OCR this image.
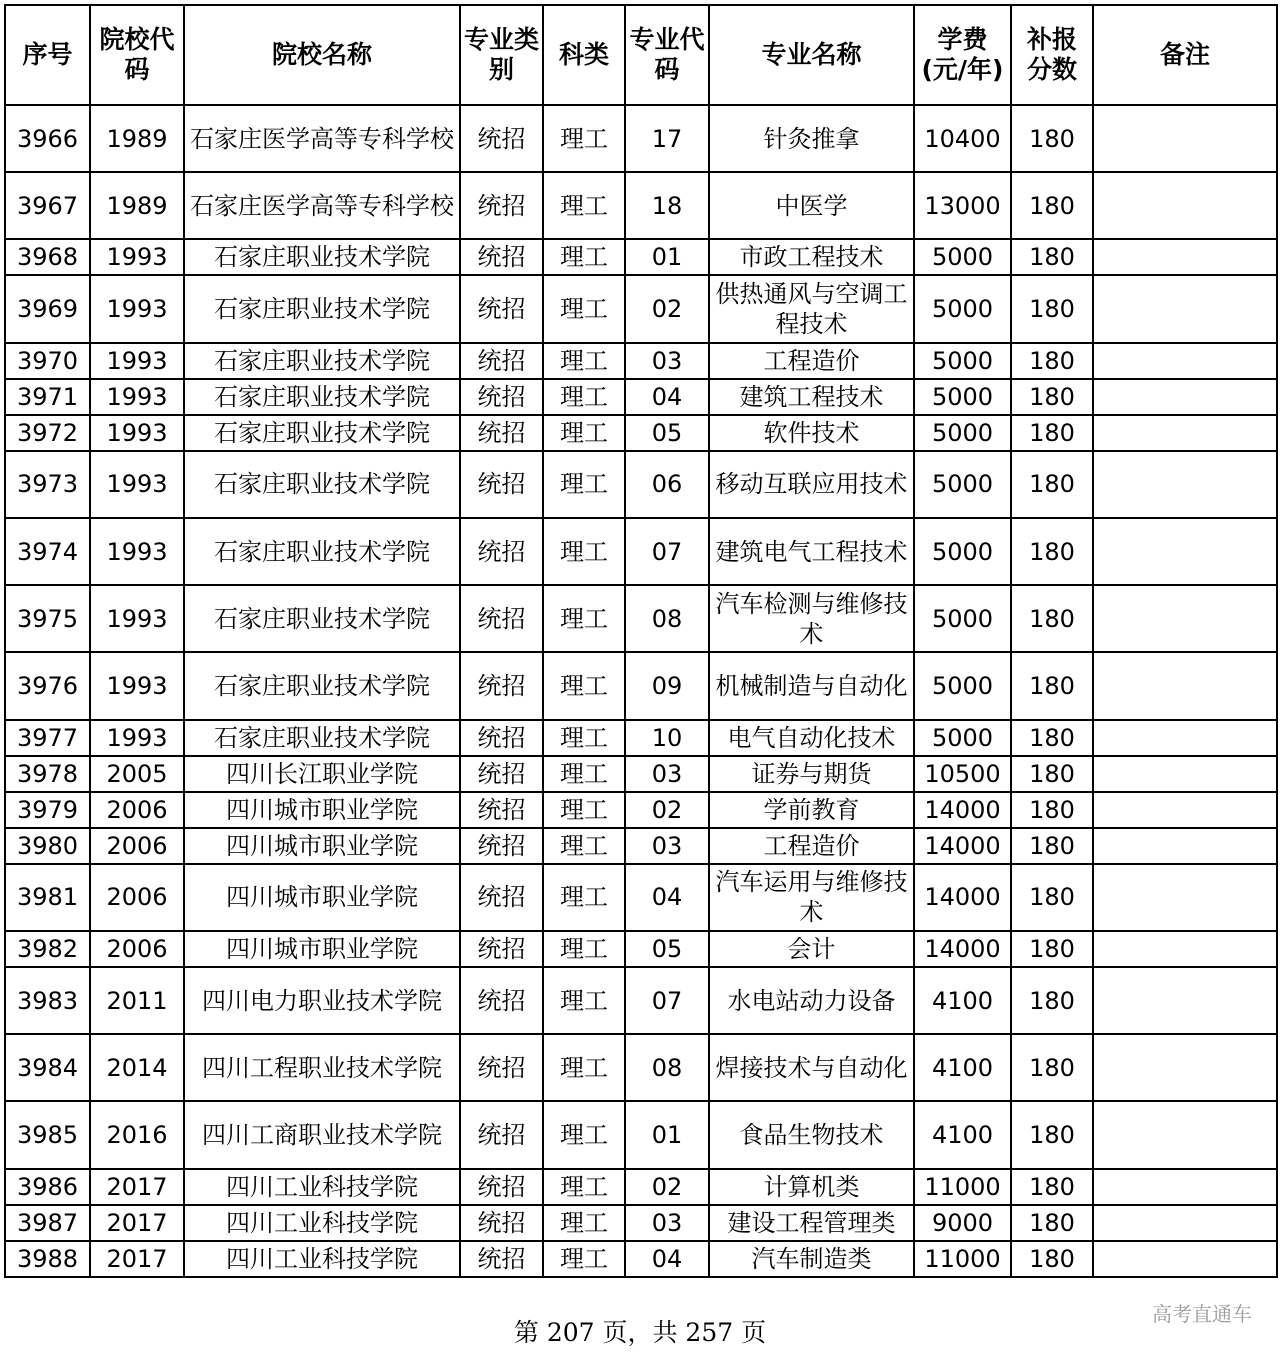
序号	院校代码	院校名称	专业类别	科类	专业代码	专业名称	学费(元/年)	补报分数	备注
3966	1989	石家庄医学高等专科学校	统招	理工	17	针灸推拿	10400	180	
3967	1989	石家庄医学高等专科学校	统招	理工	18	中医学	13000	180	
3968	1993	石家庄职业技术学院	统招	理工	01	市政工程技术	5000	180	
3969	1993	石家庄职业技术学院	统招	理工	02	供热通风与空调工程技术	5000	180	
3970	1993	石家庄职业技术学院	统招	理工	03	工程造价	5000	180	
3971	1993	石家庄职业技术学院	统招	理工	04	建筑工程技术	5000	180	
3972	1993	石家庄职业技术学院	统招	理工	05	软件技术	5000	180	
3973	1993	石家庄职业技术学院	统招	理工	06	移动互联应用技术	5000	180	
3974	1993	石家庄职业技术学院	统招	理工	07	建筑电气工程技术	5000	180	
3975	1993	石家庄职业技术学院	统招	理工	08	汽车检测与维修技术	5000	180	
3976	1993	石家庄职业技术学院	统招	理工	09	机械制造与自动化	5000	180	
3977	1993	石家庄职业技术学院	统招	理工	10	电气自动化技术	5000	180	
3978	2005	四川长江职业学院	统招	理工	03	证券与期货	10500	180	
3979	2006	四川城市职业学院	统招	理工	02	学前教育	14000	180	
3980	2006	四川城市职业学院	统招	理工	03	工程造价	14000	180	
3981	2006	四川城市职业学院	统招	理工	04	汽车运用与维修技术	14000	180	
3982	2006	四川城市职业学院	统招	理工	05	会计	14000	180	
3983	2011	四川电力职业技术学院	统招	理工	07	水电站动力设备	4100	180	
3984	2014	四川工程职业技术学院	统招	理工	08	焊接技术与自动化	4100	180	
3985	2016	四川工商职业技术学院	统招	理工	01	食品生物技术	4100	180	
3986	2017	四川工业科技学院	统招	理工	02	计算机类	11000	180	
3987	2017	四川工业科技学院	统招	理工	03	建设工程管理类	9000	180	
3988	2017	四川工业科技学院	统招	理工	04	汽车制造类	11000	180	
第 207 页，共 257 页
高考直通车
